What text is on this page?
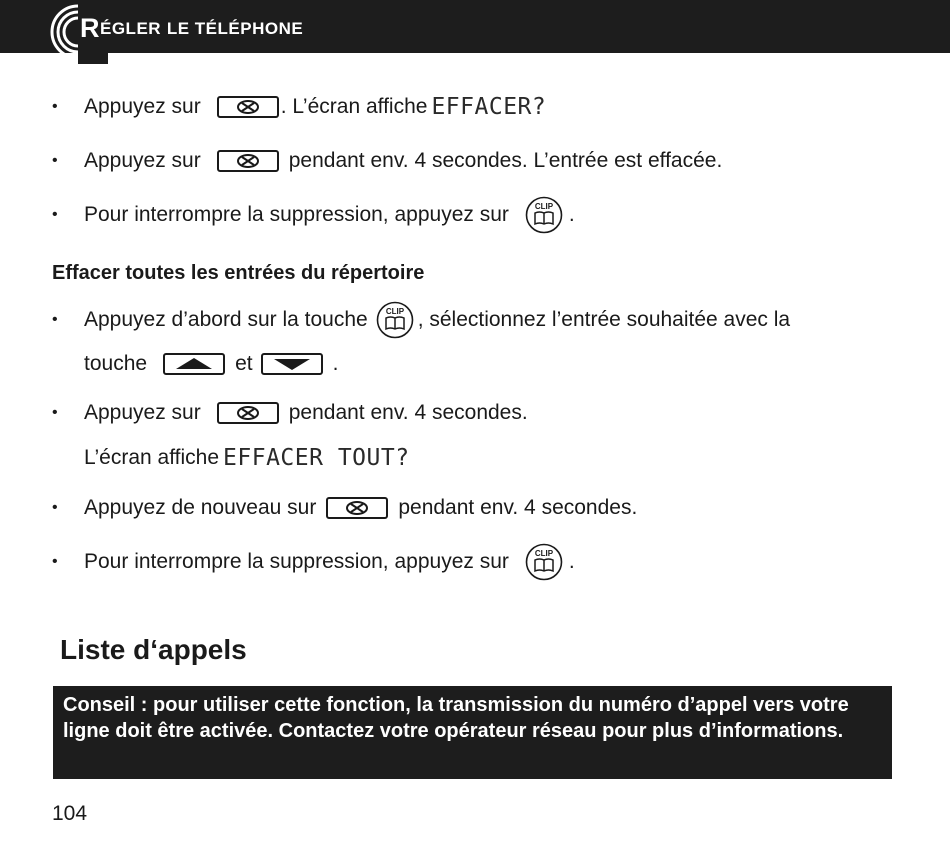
RÉGLER LE TÉLÉPHONE
•	Appuyez sur	. L’écran affiche EFFACER?
•	Appuyez sur	pendant env. 4 secondes. L’entrée est effacée.
•	Pour interrompre la suppression, appuyez sur	CLIP .
Effacer toutes les entrées du répertoire
•	Appuyez d’abord sur la touche CLIP , sélectionnez l’entrée souhaitée avec la
touche	et	.
•	Appuyez sur	pendant env. 4 secondes.
L’écran affiche EFFACER TOUT?
•	Appuyez de nouveau sur	pendant env. 4 secondes.
•	Pour interrompre la suppression, appuyez sur	CLIP .
Liste d‘appels
Conseil : pour utiliser cette fonction, la transmission du numéro d’appel vers votre ligne doit être activée. Contactez votre opérateur réseau pour plus d’informations.
104
